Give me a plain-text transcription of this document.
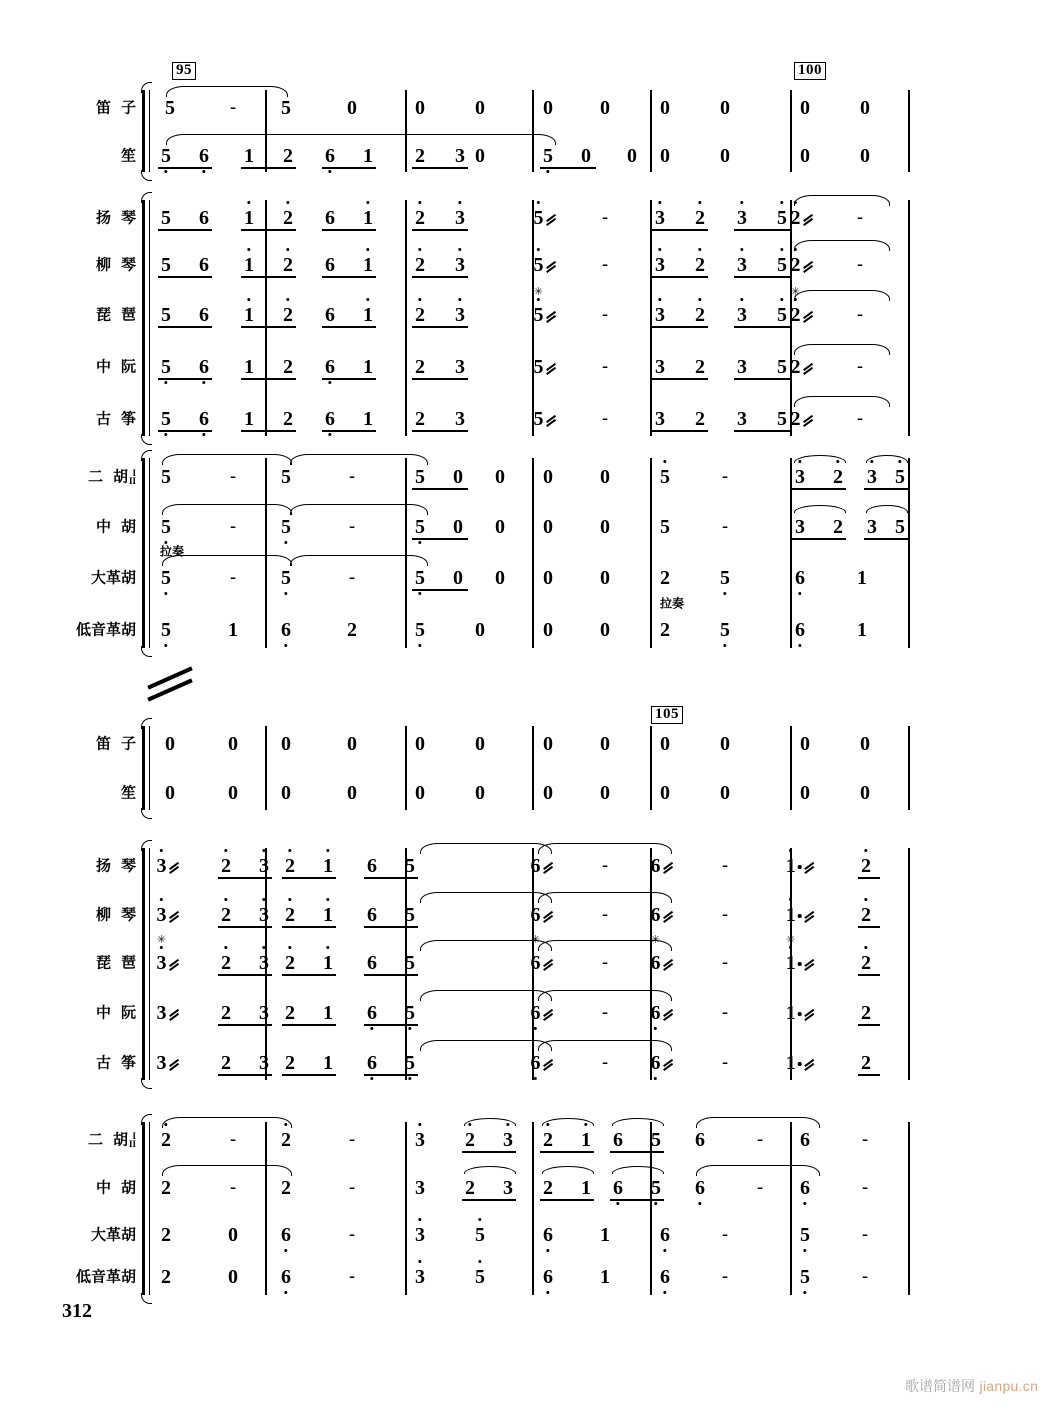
笛 子
笙
扬 琴
柳 琴
琵 琶
中 阮
古 筝
二 胡 I
II
中 胡
大革胡
低音革胡
笛 子
笙
扬 琴
柳 琴
琵 琶
中 阮
古 筝
二 胡 I
II
中 胡
大革胡
低音革胡
5	- 5	0	0	0	0 0	0	0	0	0
5 6 1 2 6 1 2 3	5 0 0 0	0	0	0
0
5 6 1 2 6 1 2 3	5	- 3 2 3 5 2	-
5 6 1 2 6 1 2 3	5	- 3 2 3 5 2	-
5 6 1 2 6 1 2 3	5
✳
- 3 2 3 5 2
✳
-
5 6 1 2 6 1 2 3	5	- 3 2 3 5 2	-
5 6 1 2 6 1 2 3	5	- 3 2 3 5 2	-
5	- 5	-	5 0 0 0 0	5	-	3 2 3 5
5	- 5	-	5 0 0 0 0	5	-	3 2 3 5
5	- 5	-	5 0 0 0 0	2	5	6	1
5	1 6	2	5	0	0 0	2	5	6	1
0	0 0	0	0	0	0 0	0	0	0	0
0	0 0	0	0	0	0 0	0	0	0	0
3	2 3 2 1 6 5	6	- 6	-	1	2
3	2 3 2 1 6 5	6	- 6	-	1	2
3
✳
2 3 2 1 6 5	6
✳
- 6
✳
-	1
✳
2
3	2 3 2 1 6 5	6	- 6	-	1	2
3	2 3 2 1 6 5	6	- 6	-	1	2
2	- 2	-	3 2 3 2 1 6 5 6	- 6	-
2	- 2	-	3 2 3 2 1 6 5 6	- 6	-
2	0 6	-	3	5	6 1	6	-	5	-
2	0 6	-	3	5	6 1	6	-	5	-
95	100
105
拉奏
拉奏
312
歌谱简谱网 jianpu.cn
